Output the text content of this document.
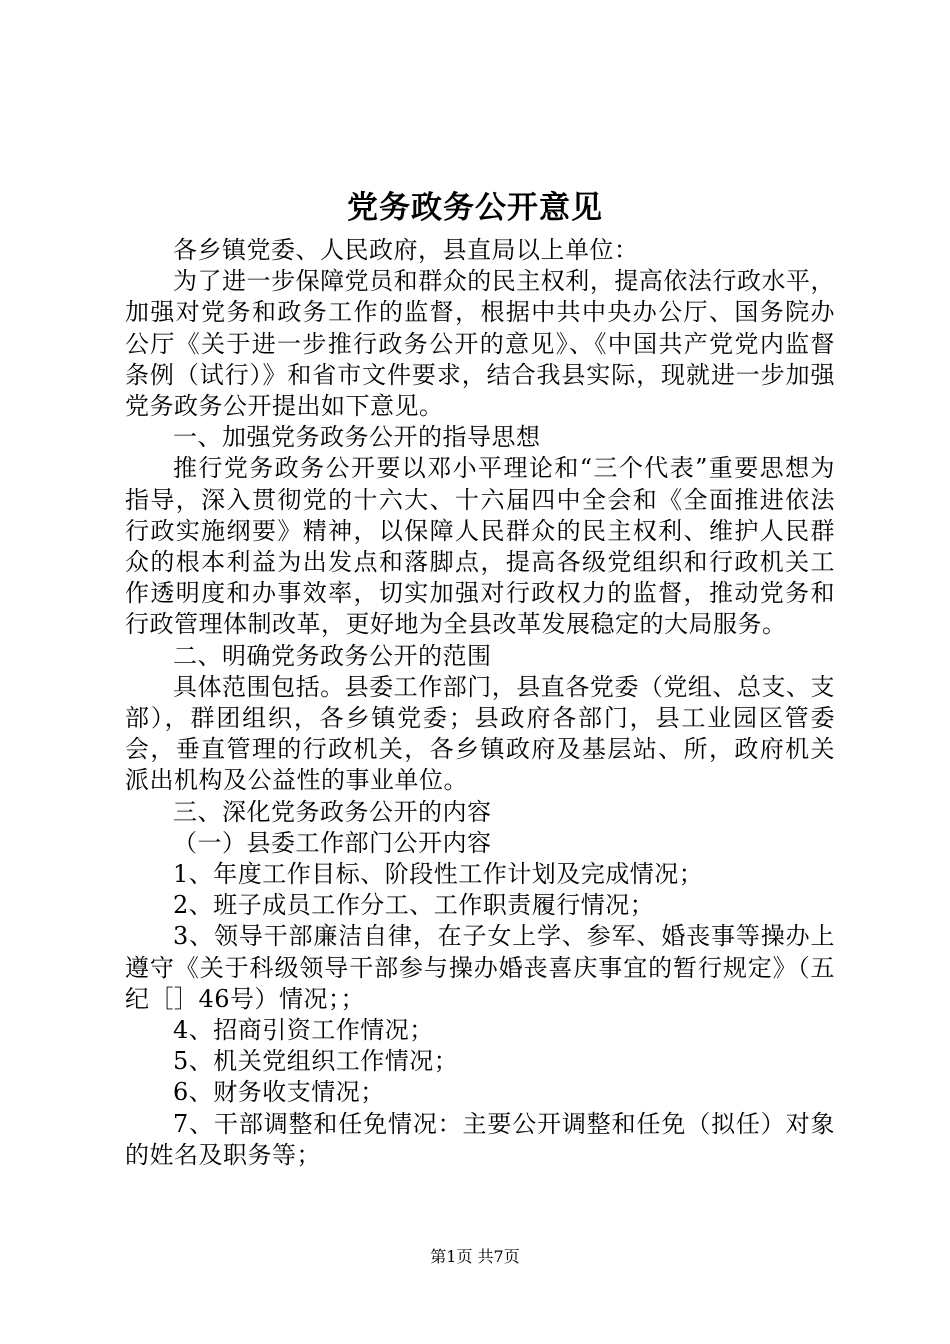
党务政务公开意见

各乡镇党委、人民政府，县直局以上单位：

为了进一步保障党员和群众的民主权利，提高依法行政水平，加强对党务和政务工作的监督，根据中共中央办公厅、国务院办公厅《关于进一步推行政务公开的意见》、《中国共产党党内监督条例（试行）》和省市文件要求，结合我县实际，现就进一步加强党务政务公开提出如下意见。

一、加强党务政务公开的指导思想

推行党务政务公开要以邓小平理论和“三个代表”重要思想为指导，深入贯彻党的十六大、十六届四中全会和《全面推进依法行政实施纲要》精神，以保障人民群众的民主权利、维护人民群众的根本利益为出发点和落脚点，提高各级党组织和行政机关工作透明度和办事效率，切实加强对行政权力的监督，推动党务和行政管理体制改革，更好地为全县改革发展稳定的大局服务。

二、明确党务政务公开的范围

具体范围包括。县委工作部门，县直各党委（党组、总支、支部），群团组织，各乡镇党委；县政府各部门，县工业园区管委会，垂直管理的行政机关，各乡镇政府及基层站、所，政府机关派出机构及公益性的事业单位。

三、深化党务政务公开的内容

（一）县委工作部门公开内容

1、年度工作目标、阶段性工作计划及完成情况；

2、班子成员工作分工、工作职责履行情况；

3、领导干部廉洁自律，在子女上学、参军、婚丧事等操办上遵守《关于科级领导干部参与操办婚丧喜庆事宜的暂行规定》（五纪［］46号）情况；；

4、招商引资工作情况；

5、机关党组织工作情况；

6、财务收支情况；

7、干部调整和任免情况：主要公开调整和任免（拟任）对象的姓名及职务等；

第1页 共7页
